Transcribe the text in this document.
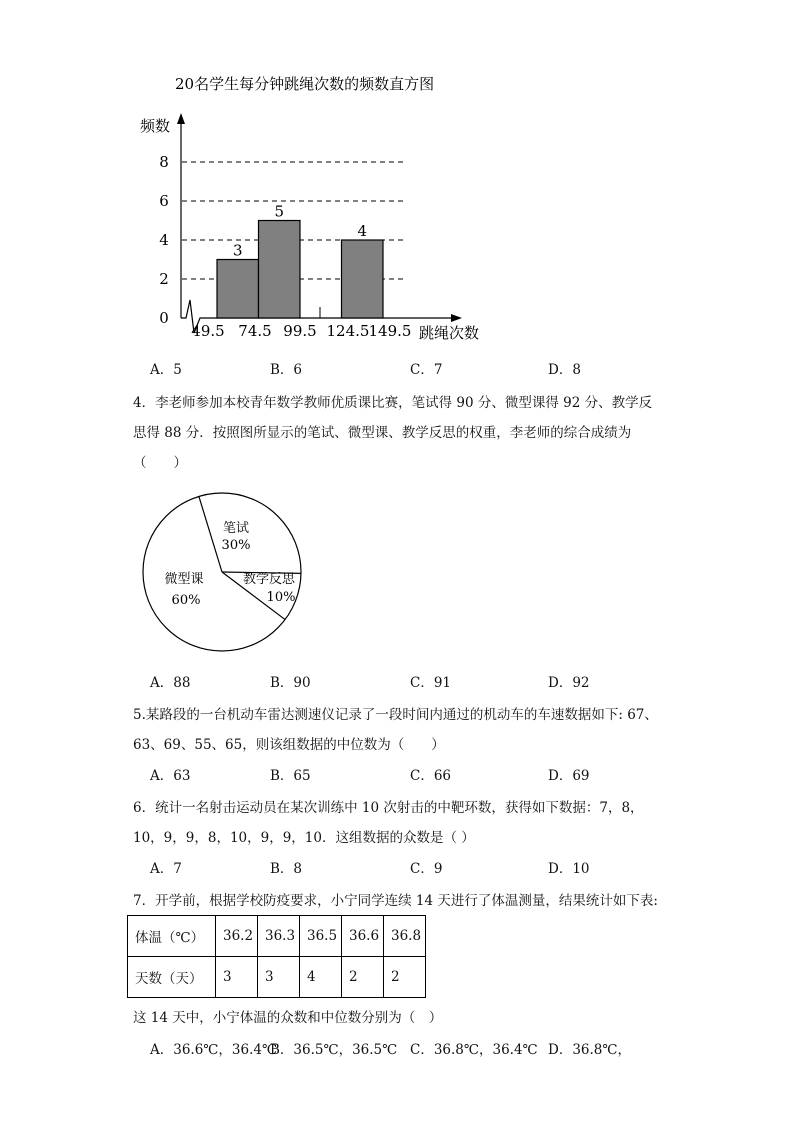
20名学生每分钟跳绳次数的频数直方图
频数
3
5
4
0
2
4
6
8
49.5 74.5 99.5 124.5 149.5 跳绳次数
A．5	B．6	C．7	D．8
4．李老师参加本校青年数学教师优质课比赛，笔试得 90 分、微型课得 92 分、教学反
思得 88 分．按照图所显示的笔试、微型课、教学反思的权重，李老师的综合成绩为
（　　）
笔试
30%
教学反思
10%
微型课
60%
A．88	B．90	C．91	D．92
5.某路段的一台机动车雷达测速仪记录了一段时间内通过的机动车的车速数据如下: 67、
63、69、55、65，则该组数据的中位数为（　　）
A．63	B．65	C．66	D．69
6．统计一名射击运动员在某次训练中 10 次射击的中靶环数，获得如下数据：7，8，
10，9，9，8，10，9，9，10．这组数据的众数是（ ）
A．7	B．8	C．9	D．10
7．开学前，根据学校防疫要求，小宁同学连续 14 天进行了体温测量，结果统计如下表:
体温（℃）	36.2	36.3	36.5	36.6	36.8
天数（天）	3	3	4	2	2
这 14 天中，小宁体温的众数和中位数分别为（　）
A．36.6℃，36.4℃
B．36.5℃，36.5℃ C．36.8℃，36.4℃ D．36.8℃，
